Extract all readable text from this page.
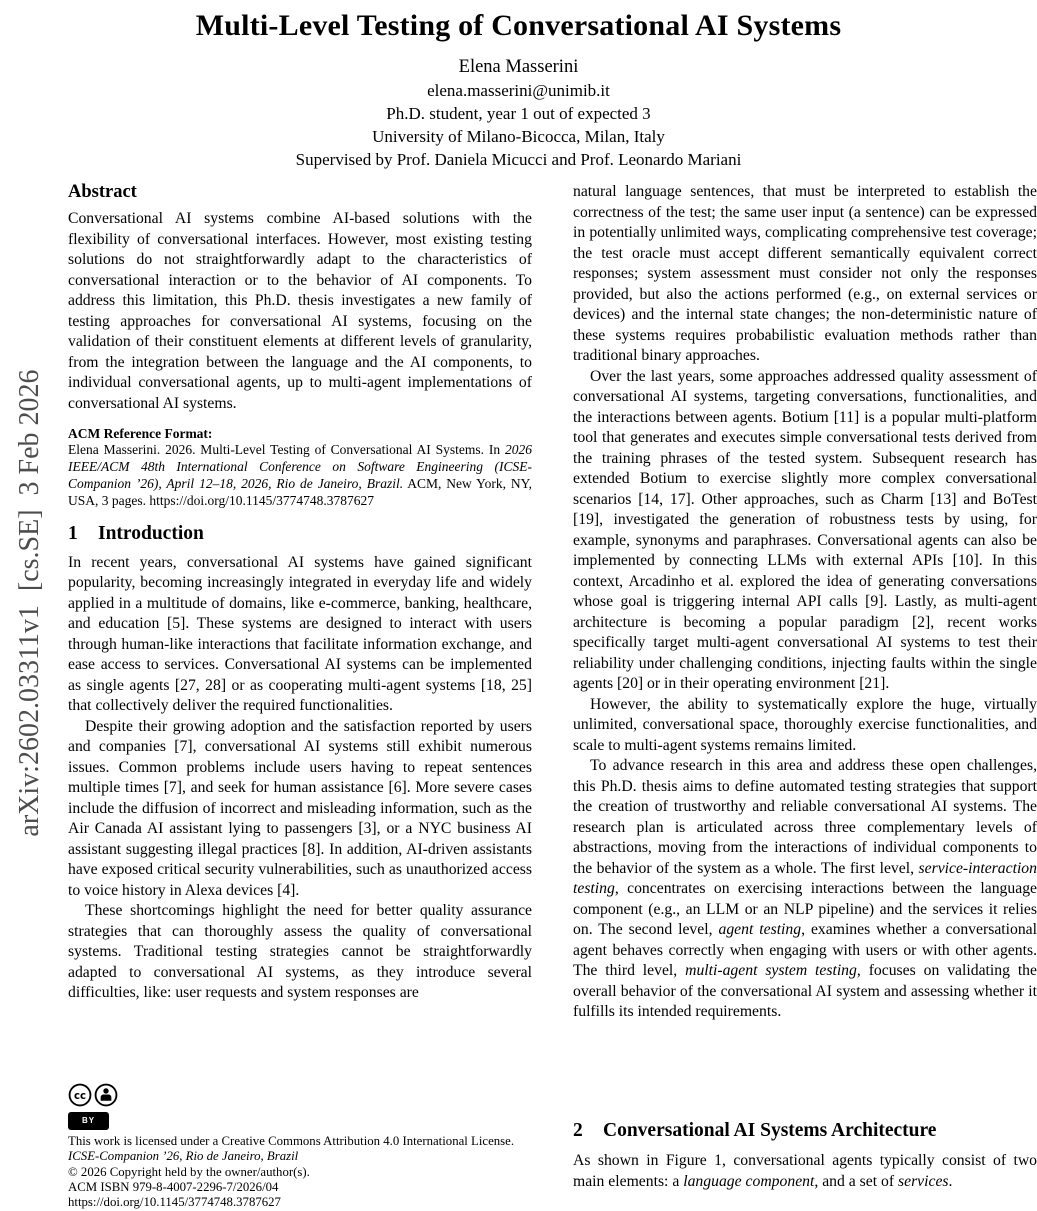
arXiv:2602.03311v1  [cs.SE]  3 Feb 2026
Multi-Level Testing of Conversational AI Systems
Elena Masserini
elena.masserini@unimib.it
Ph.D. student, year 1 out of expected 3
University of Milano-Bicocca, Milan, Italy
Supervised by Prof. Daniela Micucci and Prof. Leonardo Mariani
Abstract

Conversational AI systems combine AI-based solutions with the flexibility of conversational interfaces. However, most existing testing solutions do not straightforwardly adapt to the characteristics of conversational interaction or to the behavior of AI components. To address this limitation, this Ph.D. thesis investigates a new family of testing approaches for conversational AI systems, focusing on the validation of their constituent elements at different levels of granularity, from the integration between the language and the AI components, to individual conversational agents, up to multi-agent implementations of conversational AI systems.

ACM Reference Format:

Elena Masserini. 2026. Multi-Level Testing of Conversational AI Systems. In 2026 IEEE/ACM 48th International Conference on Software Engineering (ICSE-Companion ’26), April 12–18, 2026, Rio de Janeiro, Brazil. ACM, New York, NY, USA, 3 pages. https://doi.org/10.1145/3774748.3787627

1 Introduction

In recent years, conversational AI systems have gained significant popularity, becoming increasingly integrated in everyday life and widely applied in a multitude of domains, like e-commerce, banking, healthcare, and education [5]. These systems are designed to interact with users through human-like interactions that facilitate information exchange, and ease access to services. Conversational AI systems can be implemented as single agents [27, 28] or as cooperating multi-agent systems [18, 25] that collectively deliver the required functionalities.

Despite their growing adoption and the satisfaction reported by users and companies [7], conversational AI systems still exhibit numerous issues. Common problems include users having to repeat sentences multiple times [7], and seek for human assistance [6]. More severe cases include the diffusion of incorrect and misleading information, such as the Air Canada AI assistant lying to passengers [3], or a NYC business AI assistant suggesting illegal practices [8]. In addition, AI-driven assistants have exposed critical security vulnerabilities, such as unauthorized access to voice history in Alexa devices [4].

These shortcomings highlight the need for better quality assurance strategies that can thoroughly assess the quality of conversational systems. Traditional testing strategies cannot be straightforwardly adapted to conversational AI systems, as they introduce several difficulties, like: user requests and system responses are

natural language sentences, that must be interpreted to establish the correctness of the test; the same user input (a sentence) can be expressed in potentially unlimited ways, complicating comprehensive test coverage; the test oracle must accept different semantically equivalent correct responses; system assessment must consider not only the responses provided, but also the actions performed (e.g., on external services or devices) and the internal state changes; the non-deterministic nature of these systems requires probabilistic evaluation methods rather than traditional binary approaches.

Over the last years, some approaches addressed quality assessment of conversational AI systems, targeting conversations, functionalities, and the interactions between agents. Botium [11] is a popular multi-platform tool that generates and executes simple conversational tests derived from the training phrases of the tested system. Subsequent research has extended Botium to exercise slightly more complex conversational scenarios [14, 17]. Other approaches, such as Charm [13] and BoTest [19], investigated the generation of robustness tests by using, for example, synonyms and paraphrases. Conversational agents can also be implemented by connecting LLMs with external APIs [10]. In this context, Arcadinho et al. explored the idea of generating conversations whose goal is triggering internal API calls [9]. Lastly, as multi-agent architecture is becoming a popular paradigm [2], recent works specifically target multi-agent conversational AI systems to test their reliability under challenging conditions, injecting faults within the single agents [20] or in their operating environment [21].

However, the ability to systematically explore the huge, virtually unlimited, conversational space, thoroughly exercise functionalities, and scale to multi-agent systems remains limited.

To advance research in this area and address these open challenges, this Ph.D. thesis aims to define automated testing strategies that support the creation of trustworthy and reliable conversational AI systems. The research plan is articulated across three complementary levels of abstractions, moving from the interactions of individual components to the behavior of the system as a whole. The first level, service-interaction testing, concentrates on exercising interactions between the language component (e.g., an LLM or an NLP pipeline) and the services it relies on. The second level, agent testing, examines whether a conversational agent behaves correctly when engaging with users or with other agents. The third level, multi-agent system testing, focuses on validating the overall behavior of the conversational AI system and assessing whether it fulfills its intended requirements.

2 Conversational AI Systems Architecture

As shown in Figure 1, conversational agents typically consist of two main elements: a language component, and a set of services.

cc
BY
This work is licensed under a Creative Commons Attribution 4.0 International License.
ICSE-Companion ’26, Rio de Janeiro, Brazil
© 2026 Copyright held by the owner/author(s).
ACM ISBN 979-8-4007-2296-7/2026/04
https://doi.org/10.1145/3774748.3787627
